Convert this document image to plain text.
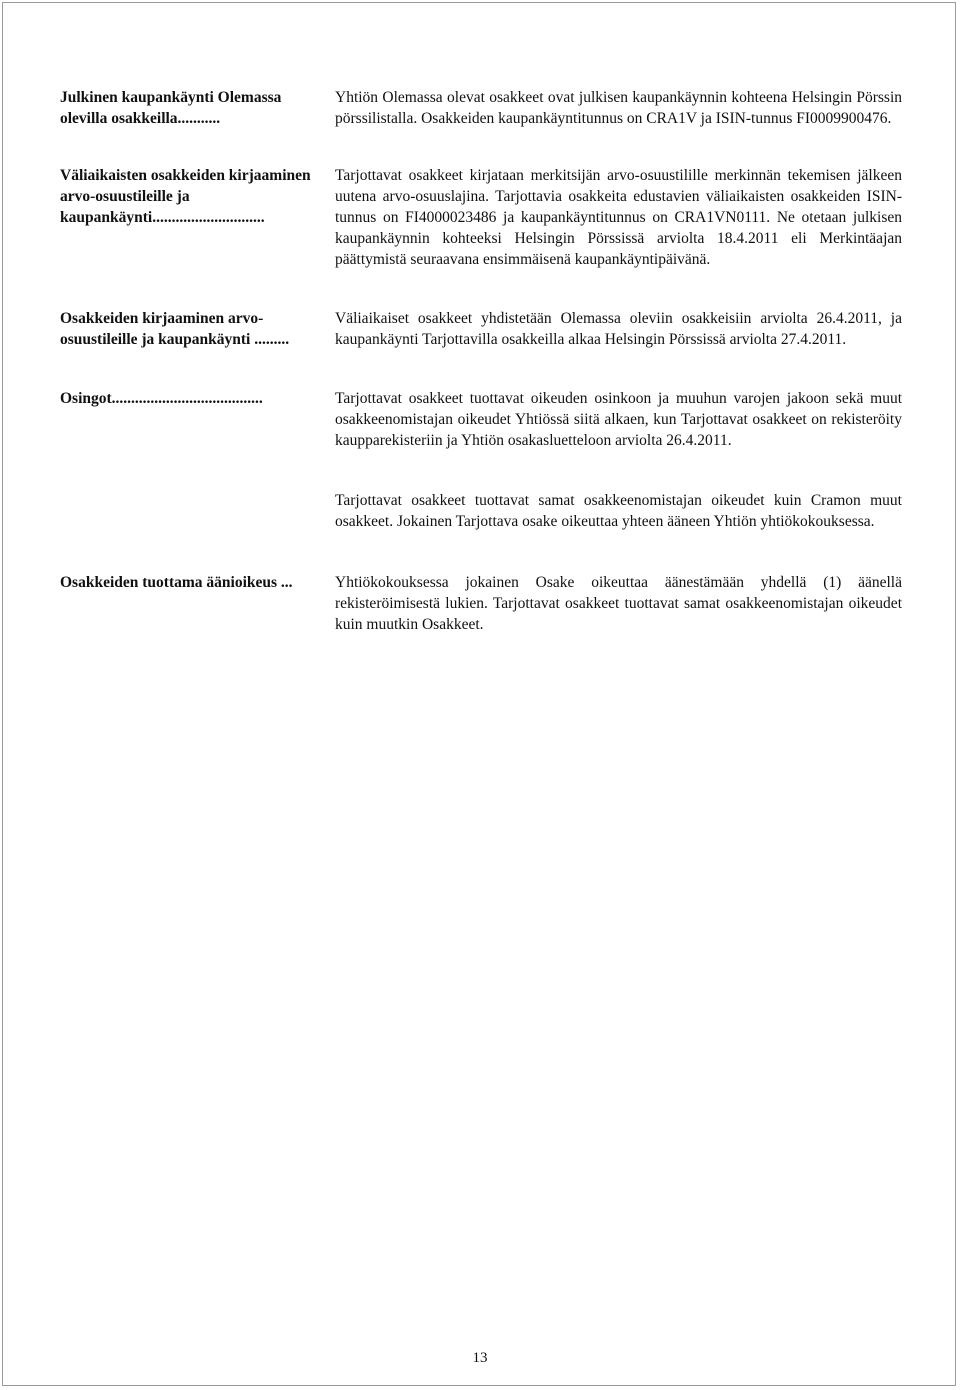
Julkinen kaupankäynti Olemassa olevilla osakkeilla...........
Yhtiön Olemassa olevat osakkeet ovat julkisen kaupankäynnin kohteena Helsingin Pörssin pörssilistalla. Osakkeiden kaupankäyntitunnus on CRA1V ja ISIN-tunnus FI0009900476.
Väliaikaisten osakkeiden kirjaaminen arvo-osuustileille ja kaupankäynti.............................
Tarjottavat osakkeet kirjataan merkitsijän arvo-osuustilille merkinnän tekemisen jälkeen uutena arvo-osuuslajina. Tarjottavia osakkeita edustavien väliaikaisten osakkeiden ISIN-tunnus on FI4000023486 ja kaupankäyntitunnus on CRA1VN0111. Ne otetaan julkisen kaupankäynnin kohteeksi Helsingin Pörssissä arviolta 18.4.2011 eli Merkintäajan päättymistä seuraavana ensimmäisenä kaupankäyntipäivänä.
Osakkeiden kirjaaminen arvo-osuustileille ja kaupankäynti .........
Väliaikaiset osakkeet yhdistetään Olemassa oleviin osakkeisiin arviolta 26.4.2011, ja kaupankäynti Tarjottavilla osakkeilla alkaa Helsingin Pörssissä arviolta 27.4.2011.
Osingot.......................................	Tarjottavat osakkeet tuottavat oikeuden osinkoon ja muuhun varojen jakoon sekä muut osakkeenomistajan oikeudet Yhtiössä siitä alkaen, kun Tarjottavat osakkeet on rekisteröity kaupparekisteriin ja Yhtiön osakasluetteloon arviolta 26.4.2011.
Tarjottavat osakkeet tuottavat samat osakkeenomistajan oikeudet kuin Cramon muut osakkeet. Jokainen Tarjottava osake oikeuttaa yhteen ääneen Yhtiön yhtiökokouksessa.
Osakkeiden tuottama äänioikeus ...	Yhtiökokouksessa jokainen Osake oikeuttaa äänestämään yhdellä (1) äänellä rekisteröimisestä lukien. Tarjottavat osakkeet tuottavat samat osakkeenomistajan oikeudet kuin muutkin Osakkeet.
13
